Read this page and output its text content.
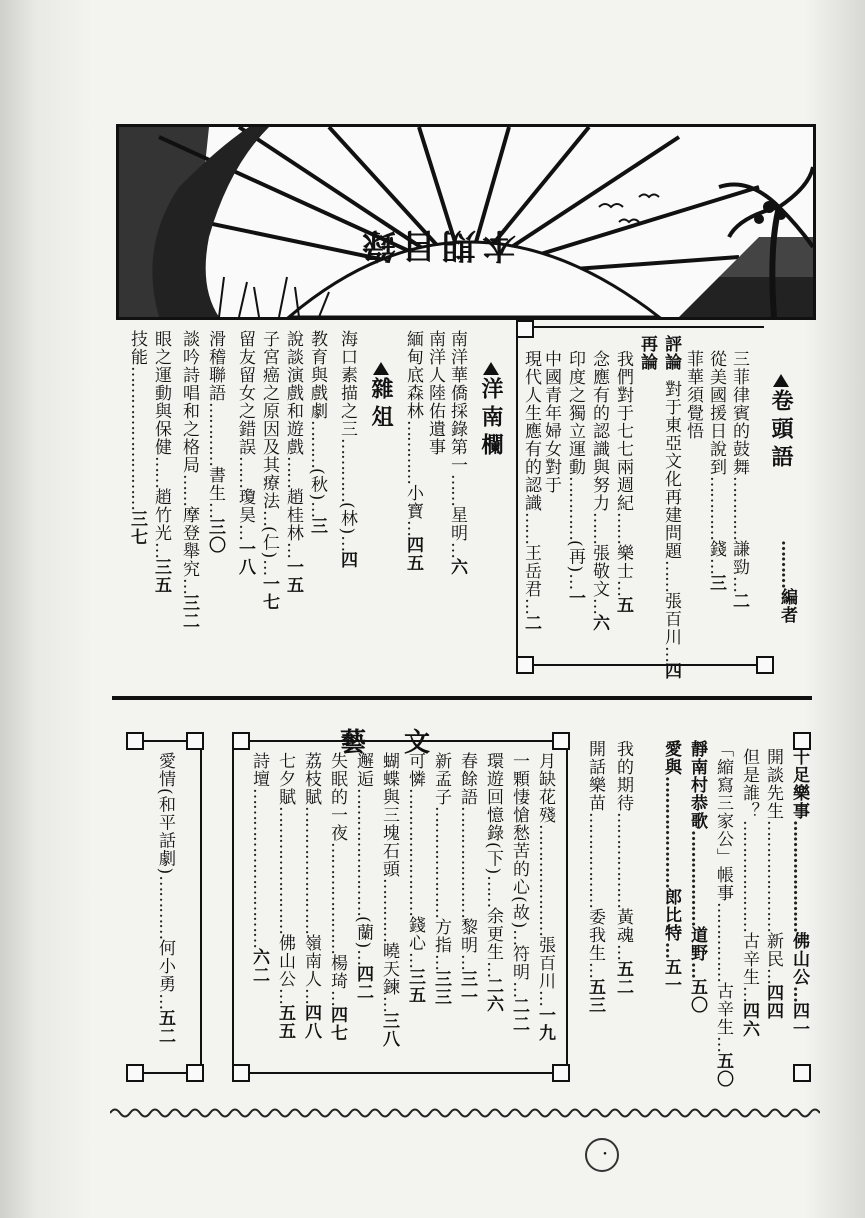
本期目錄
卷頭語
………編者
三菲律賓的鼓舞…………謙勁…二
從美國援日說到…………錢…三
菲華須覺悟
評論
對于東亞文化再建問題……張百川…四
再論
我們對于七七兩週紀……樂士…五
念應有的認識與努力……張敬文…六
印度之獨立運動…………(再)…一
中國青年婦女對于
現代人生應有的認識……王岳君…二
洋南欄
南洋華僑採錄第一……星明…六
南洋人陸佑遺事
緬甸底森林…………小寶…四五
雜俎
海口素描之三…………(林)…四
教育與戲劇………(秋)…三
說談演戲和遊戲……趙桂林…一五
子宮癌之原因及其療法…(仁)…一七
留友留女之錯誤……瓊昊…一八
滑稽聯語…………書生…三〇
談吟詩唱和之格局……摩登舉究…三二
眼之運動與保健……趙竹光…三五
技能………………………三七
藝文
十足樂事…………………佛山公…四一
開談先生…………………新民…四四
但是誰？…………………古辛生…四六
「縮寫三家公」帳事……………古辛生…五〇
靜南村恭歌………………道野…五〇
愛與…………………郎比特…五一
我的期待………………黃魂…五二
開話樂苗………………委我生…五三
月缺花殘…………………張百川…一九
一顆悽愴愁苦的心(故)…符明…二二
環遊回憶錄(下)……余更生…二六
春餘語…………………黎明…三一
新孟子…………………方指…三三
可憐……………………錢心…三五
蝴蝶與三塊石頭…………曉天鍊…三八
邂逅……………………(蘭)…四二
失眠的一夜…………………楊琦…四七
荔枝賦……………………嶺南人…四八
七夕賦……………………佛山公…五五
詩壇…………………………六二
愛情(和平話劇)…………何小勇…五二
・
